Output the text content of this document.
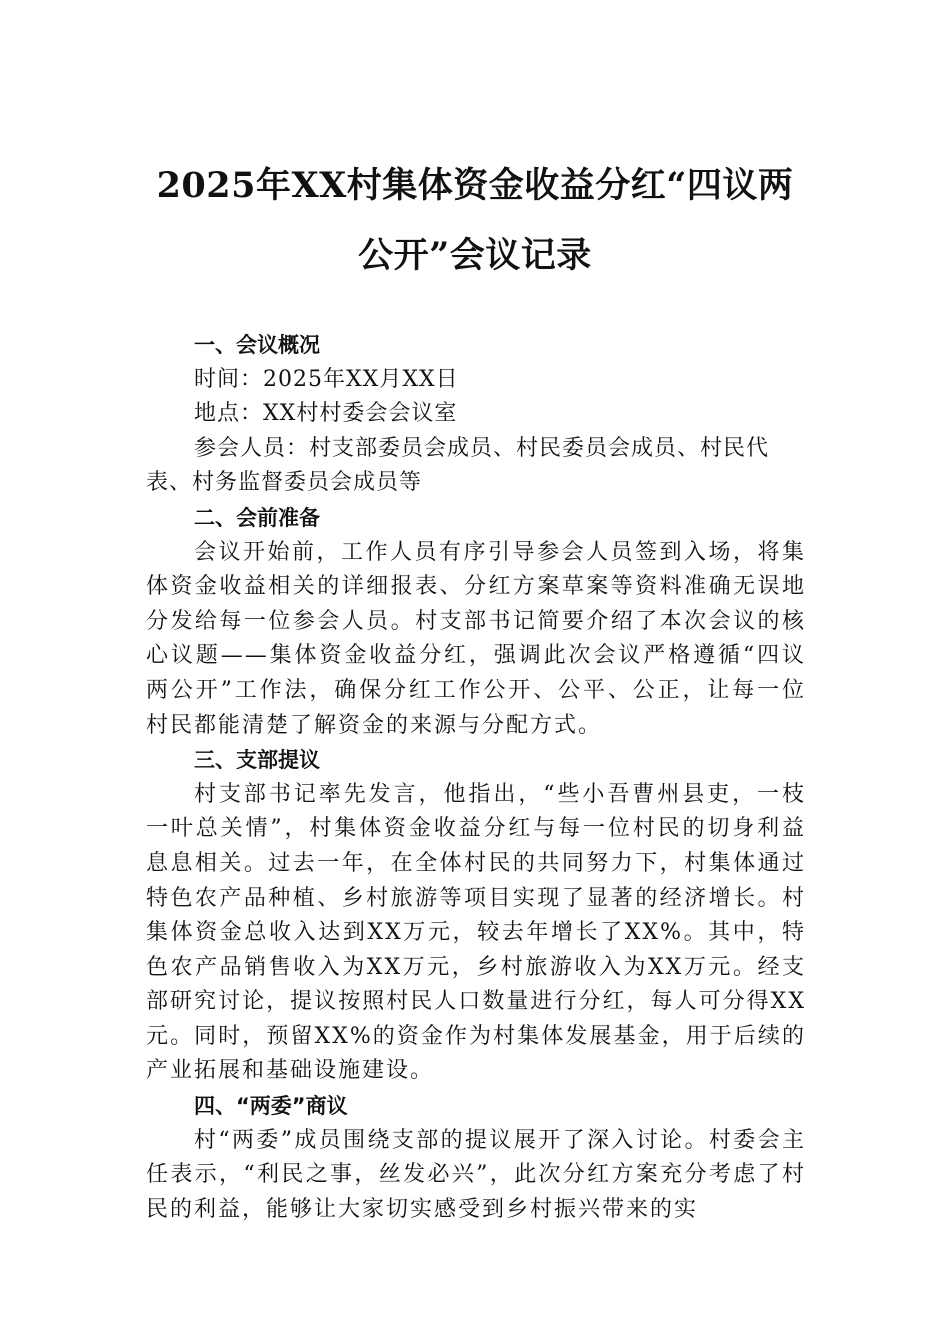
2025年XX村集体资金收益分红“四议两
公开”会议记录

一、会议概况

时间：2025年XX月XX日

地点：XX村村委会会议室

参会人员：村支部委员会成员、村民委员会成员、村民代表、村务监督委员会成员等

二、会前准备

会议开始前，工作人员有序引导参会人员签到入场，将集体资金收益相关的详细报表、分红方案草案等资料准确无误地分发给每一位参会人员。村支部书记简要介绍了本次会议的核心议题——集体资金收益分红，强调此次会议严格遵循“四议两公开”工作法，确保分红工作公开、公平、公正，让每一位村民都能清楚了解资金的来源与分配方式。

三、支部提议

村支部书记率先发言，他指出，“些小吾曹州县吏，一枝一叶总关情”，村集体资金收益分红与每一位村民的切身利益息息相关。过去一年，在全体村民的共同努力下，村集体通过特色农产品种植、乡村旅游等项目实现了显著的经济增长。村集体资金总收入达到XX万元，较去年增长了XX%。其中，特色农产品销售收入为XX万元，乡村旅游收入为XX万元。经支部研究讨论，提议按照村民人口数量进行分红，每人可分得XX元。同时，预留XX%的资金作为村集体发展基金，用于后续的产业拓展和基础设施建设。

四、“两委”商议

村“两委”成员围绕支部的提议展开了深入讨论。村委会主任表示，“利民之事，丝发必兴”，此次分红方案充分考虑了村民的利益，能够让大家切实感受到乡村振兴带来的实
